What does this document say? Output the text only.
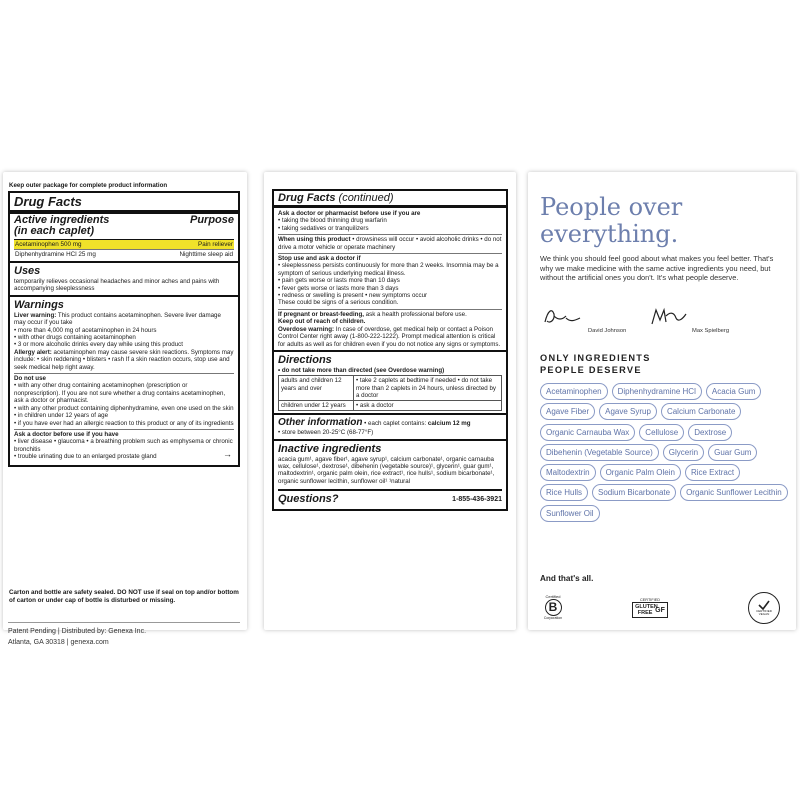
Keep outer package for complete product information
Drug Facts
Active ingredients
(in each caplet)
Purpose
Acetaminophen 500 mg	Pain reliever
Diphenhydramine HCl 25 mg	Nighttime sleep aid
Uses
temporarily relieves occasional headaches and minor aches and pains with accompanying sleeplessness
Warnings
Liver warning: This product contains acetaminophen. Severe liver damage may occur if you take
• more than 4,000 mg of acetaminophen in 24 hours
• with other drugs containing acetaminophen
• 3 or more alcoholic drinks every day while using this product
Allergy alert: acetaminophen may cause severe skin reactions. Symptoms may include: • skin reddening • blisters • rash If a skin reaction occurs, stop use and seek medical help right away.
Do not use
• with any other drug containing acetaminophen (prescription or nonprescription). If you are not sure whether a drug contains acetaminophen, ask a doctor or pharmacist.
• with any other product containing diphenhydramine, even one used on the skin • in children under 12 years of age
• if you have ever had an allergic reaction to this product or any of its ingredients
Ask a doctor before use if you have
• liver disease • glaucoma • a breathing problem such as emphysema or chronic bronchitis
• trouble urinating due to an enlarged prostate gland	→
Carton and bottle are safety sealed. DO NOT use if seal on top and/or bottom of carton or under cap of bottle is disturbed or missing.
Patent Pending | Distributed by: Genexa Inc.
Atlanta, GA 30318 | genexa.com
Drug Facts (continued)
Ask a doctor or pharmacist before use if you are
• taking the blood thinning drug warfarin
• taking sedatives or tranquilizers
When using this product • drowsiness will occur • avoid alcoholic drinks • do not drive a motor vehicle or operate machinery
Stop use and ask a doctor if
• sleeplessness persists continuously for more than 2 weeks. Insomnia may be a symptom of serious underlying medical illness.
• pain gets worse or lasts more than 10 days
• fever gets worse or lasts more than 3 days
• redness or swelling is present • new symptoms occur
These could be signs of a serious condition.
If pregnant or breast-feeding, ask a health professional before use.
Keep out of reach of children.
Overdose warning: In case of overdose, get medical help or contact a Poison Control Center right away (1-800-222-1222). Prompt medical attention is critical for adults as well as for children even if you do not notice any signs or symptoms.
Directions
• do not take more than directed (see Overdose warning)
adults and children 12 years and over	• take 2 caplets at bedtime if needed • do not take more than 2 caplets in 24 hours, unless directed by a doctor
children under 12 years	• ask a doctor
Other information • each caplet contains: calcium 12 mg
• store between 20-25°C (68-77°F)
Inactive ingredients
acacia gum¹, agave fiber¹, agave syrup¹, calcium carbonate¹, organic carnauba wax, cellulose¹, dextrose¹, dibehenin (vegetable source)¹, glycerin¹, guar gum¹, maltodextrin¹, organic palm olein, rice extract¹, rice hulls¹, sodium bicarbonate¹, organic sunflower lecithin, sunflower oil¹ ¹natural
Questions?	1-855-436-3921
People over everything.
We think you should feel good about what makes you feel better. That's why we make medicine with the same active ingredients you need, but without the artificial ones you don't. It's what people deserve.
David Johnson	Max Spielberg
ONLY INGREDIENTS
PEOPLE DESERVE
Acetaminophen	Diphenhydramine HCl	Acacia Gum
Agave Fiber	Agave Syrup	Calcium Carbonate
Organic Carnauba Wax	Cellulose	Dextrose
Dibehenin (Vegetable Source)	Glycerin	Guar Gum
Maltodextrin	Organic Palm Olein	Rice Extract
Rice Hulls	Sodium Bicarbonate	Organic Sunflower Lecithin
Sunflower Oil
And that's all.
Certified
B
Corporation
CERTIFIED
GLUTEN FREE GF	CERTIFIED VEGAN
